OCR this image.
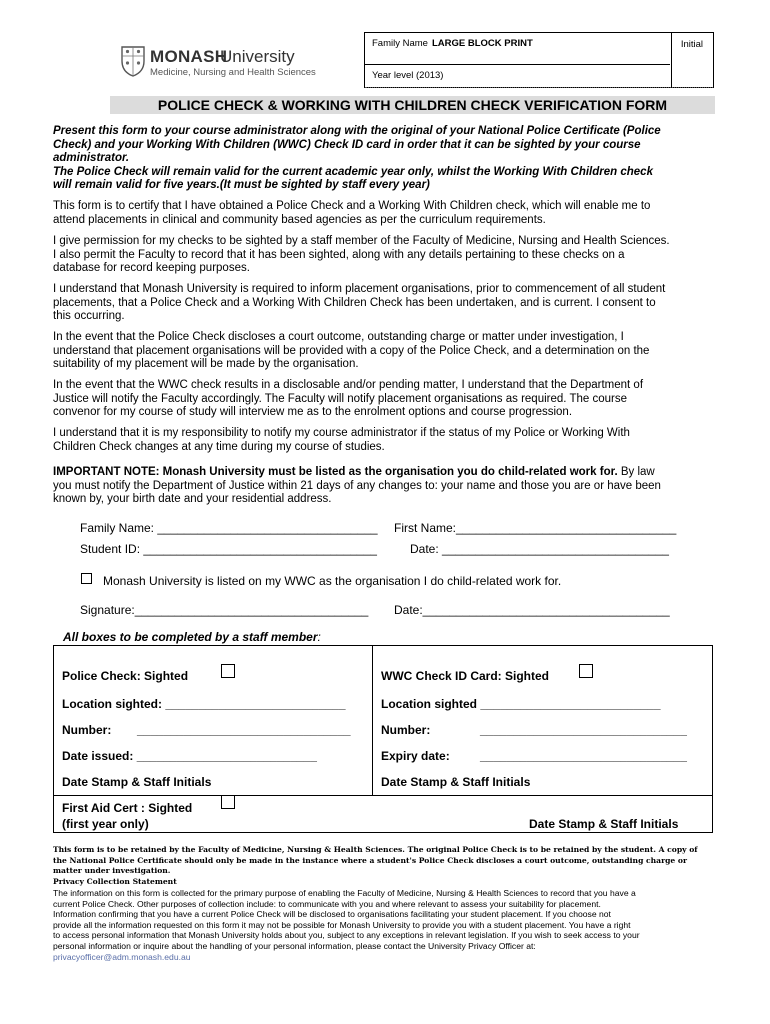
MONASH
University
Medicine, Nursing and Health Sciences
Family Name LARGE BLOCK PRINT	Initial
Year level (2013)
POLICE CHECK & WORKING WITH CHILDREN CHECK VERIFICATION FORM
Present this form to your course administrator along with the original of your National Police Certificate (Police
Check) and your Working With Children (WWC) Check ID card in order that it can be sighted by your course
administrator.
The Police Check will remain valid for the current academic year only, whilst the Working With Children check
will remain valid for five years.(It must be sighted by staff every year)
This form is to certify that I have obtained a Police Check and a Working With Children check, which will enable me to
attend placements in clinical and community based agencies as per the curriculum requirements.
I give permission for my checks to be sighted by a staff member of the Faculty of Medicine, Nursing and Health Sciences.
I also permit the Faculty to record that it has been sighted, along with any details pertaining to these checks on a
database for record keeping purposes.
I understand that Monash University is required to inform placement organisations, prior to commencement of all student
placements, that a Police Check and a Working With Children Check has been undertaken, and is current. I consent to
this occurring.
In the event that the Police Check discloses a court outcome, outstanding charge or matter under investigation, I
understand that placement organisations will be provided with a copy of the Police Check, and a determination on the
suitability of my placement will be made by the organisation.
In the event that the WWC check results in a disclosable and/or pending matter, I understand that the Department of
Justice will notify the Faculty accordingly. The Faculty will notify placement organisations as required. The course
convenor for my course of study will interview me as to the enrolment options and course progression.
I understand that it is my responsibility to notify my course administrator if the status of my Police or Working With
Children Check changes at any time during my course of studies.
IMPORTANT NOTE: Monash University must be listed as the organisation you do child-related work for. By law
you must notify the Department of Justice within 21 days of any changes to: your name and those you are or have been
known by, your birth date and your residential address.
Family Name: _________________________________ First Name:_________________________________
Student ID: ___________________________________	Date: __________________________________
Monash University is listed on my WWC as the organisation I do child-related work for.
Signature:___________________________________ Date:_____________________________________
All boxes to be completed by a staff member:
Police Check: Sighted
Location sighted: ___________________________
Number: ________________________________
Date issued: ___________________________
Date Stamp & Staff Initials
WWC Check ID Card: Sighted
Location sighted ___________________________
Number:	_______________________________
Expiry date:	_______________________________
Date Stamp & Staff Initials
First Aid Cert : Sighted
(first year only)	Date Stamp & Staff Initials
This form is to be retained by the Faculty of Medicine, Nursing & Health Sciences. The original Police Check is to be retained by the student. A copy of
the National Police Certificate should only be made in the instance where a student's Police Check discloses a court outcome, outstanding charge or
matter under investigation.
Privacy Collection Statement
The information on this form is collected for the primary purpose of enabling the Faculty of Medicine, Nursing & Health Sciences to record that you have a
current Police Check. Other purposes of collection include: to communicate with you and where relevant to assess your suitability for placement.
Information confirming that you have a current Police Check will be disclosed to organisations facilitating your student placement. If you choose not
provide all the information requested on this form it may not be possible for Monash University to provide you with a student placement. You have a right
to access personal information that Monash University holds about you, subject to any exceptions in relevant legislation. If you wish to seek access to your
personal information or inquire about the handling of your personal information, please contact the University Privacy Officer at:
privacyofficer@adm.monash.edu.au
